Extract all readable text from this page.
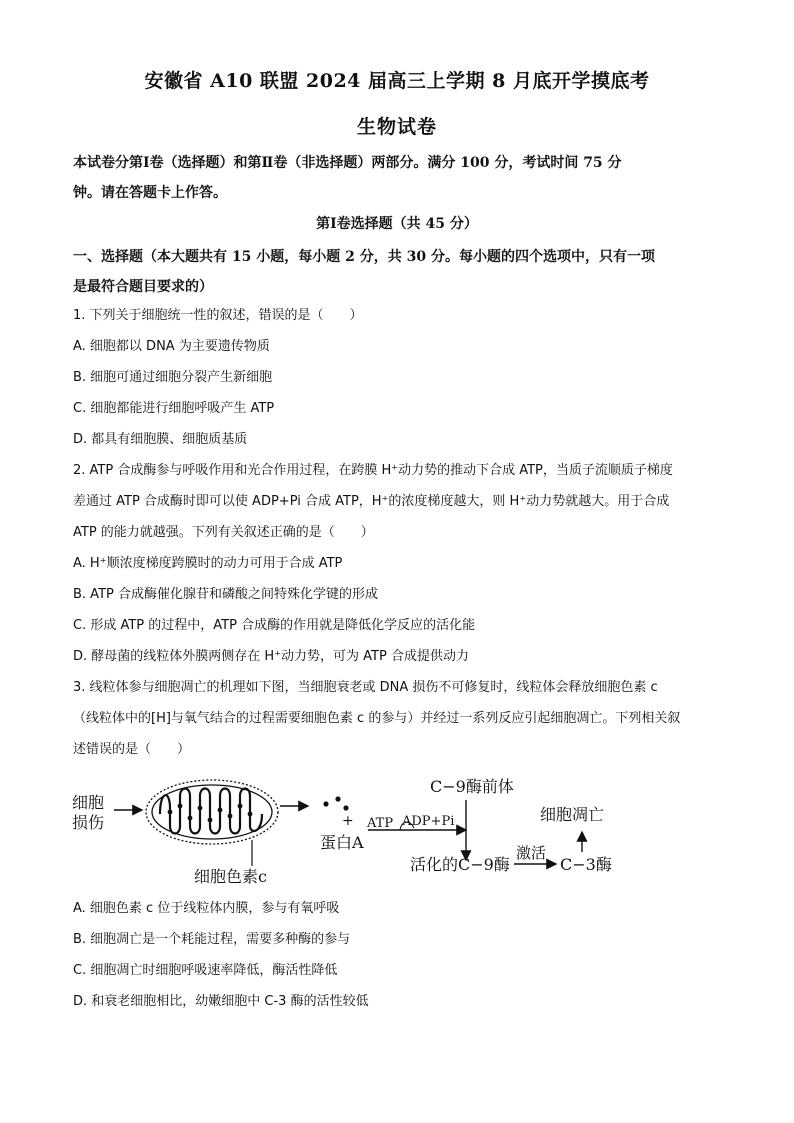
安徽省 A10 联盟 2024 届高三上学期 8 月底开学摸底考
生物试卷
本试卷分第Ⅰ卷（选择题）和第Ⅱ卷（非选择题）两部分。满分 100 分，考试时间 75 分
钟。请在答题卡上作答。
第Ⅰ卷选择题（共 45 分）
一、选择题（本大题共有 15 小题，每小题 2 分，共 30 分。每小题的四个选项中，只有一项
是最符合题目要求的）
1. 下列关于细胞统一性的叙述，错误的是（　　）
A. 细胞都以 DNA 为主要遗传物质
B. 细胞可通过细胞分裂产生新细胞
C. 细胞都能进行细胞呼吸产生 ATP
D. 都具有细胞膜、细胞质基质
2. ATP 合成酶参与呼吸作用和光合作用过程，在跨膜 H⁺动力势的推动下合成 ATP，当质子流顺质子梯度
差通过 ATP 合成酶时即可以使 ADP+Pi 合成 ATP，H⁺的浓度梯度越大，则 H⁺动力势就越大。用于合成
ATP 的能力就越强。下列有关叙述正确的是（　　）
A. H⁺顺浓度梯度跨膜时的动力可用于合成 ATP
B. ATP 合成酶催化腺苷和磷酸之间特殊化学键的形成
C. 形成 ATP 的过程中，ATP 合成酶的作用就是降低化学反应的活化能
D. 酵母菌的线粒体外膜两侧存在 H⁺动力势，可为 ATP 合成提供动力
3. 线粒体参与细胞凋亡的机理如下图，当细胞衰老或 DNA 损伤不可修复时，线粒体会释放细胞色素 c
（线粒体中的[H]与氧气结合的过程需要细胞色素 c 的参与）并经过一系列反应引起细胞凋亡。下列相关叙
述错误的是（　　）
细胞
损伤	+
蛋白A
ATP ADP+Pi
C−9酶前体
活化的C−9酶
激活
C−3酶
细胞凋亡
细胞色素c
A. 细胞色素 c 位于线粒体内膜，参与有氧呼吸
B. 细胞凋亡是一个耗能过程，需要多种酶的参与
C. 细胞凋亡时细胞呼吸速率降低，酶活性降低
D. 和衰老细胞相比，幼嫩细胞中 C-3 酶的活性较低
